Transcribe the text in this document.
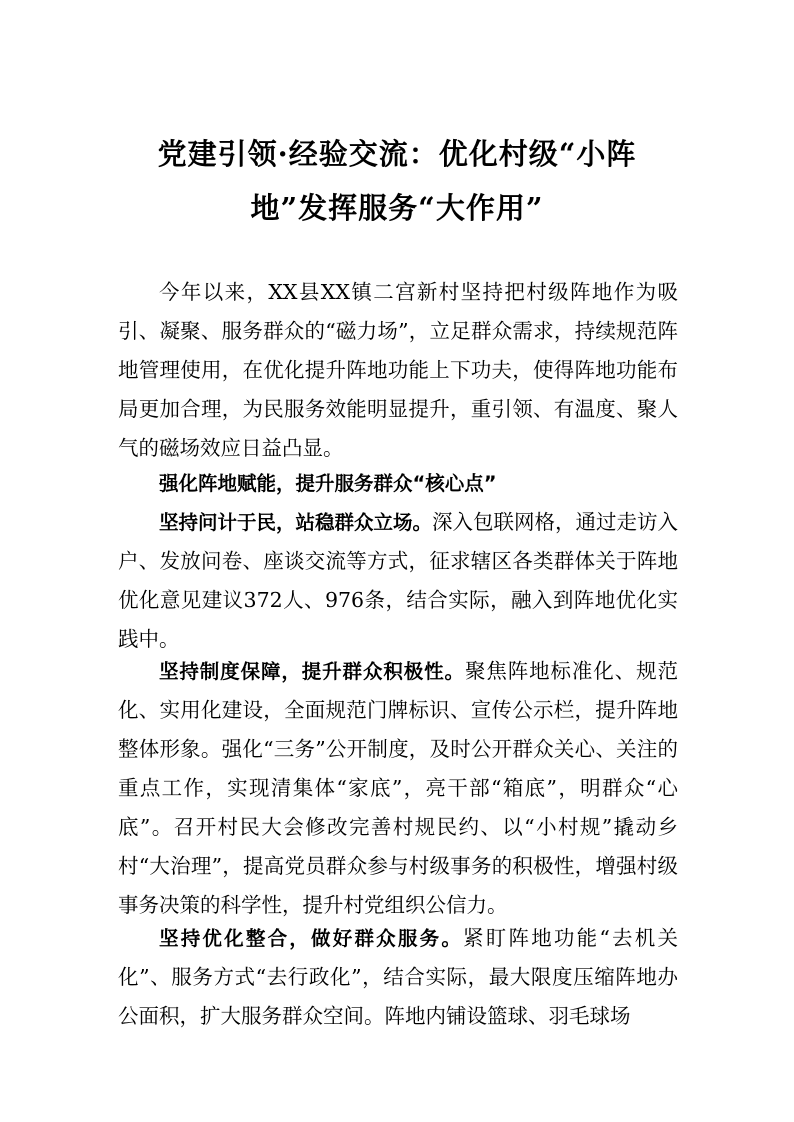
党建引领·经验交流：优化村级“小阵
地”发挥服务“大作用”

今年以来，XX县XX镇二宫新村坚持把村级阵地作为吸引、凝聚、服务群众的“磁力场”，立足群众需求，持续规范阵地管理使用，在优化提升阵地功能上下功夫，使得阵地功能布局更加合理，为民服务效能明显提升，重引领、有温度、聚人气的磁场效应日益凸显。

强化阵地赋能，提升服务群众“核心点”

坚持问计于民，站稳群众立场。深入包联网格，通过走访入户、发放问卷、座谈交流等方式，征求辖区各类群体关于阵地优化意见建议372人、976条，结合实际，融入到阵地优化实践中。

坚持制度保障，提升群众积极性。聚焦阵地标准化、规范化、实用化建设，全面规范门牌标识、宣传公示栏，提升阵地整体形象。强化“三务”公开制度，及时公开群众关心、关注的重点工作，实现清集体“家底”，亮干部“箱底”，明群众“心底”。召开村民大会修改完善村规民约、以“小村规”撬动乡村“大治理”，提高党员群众参与村级事务的积极性，增强村级事务决策的科学性，提升村党组织公信力。

坚持优化整合，做好群众服务。紧盯阵地功能“去机关化”、服务方式“去行政化”，结合实际，最大限度压缩阵地办公面积，扩大服务群众空间。阵地内铺设篮球、羽毛球场
